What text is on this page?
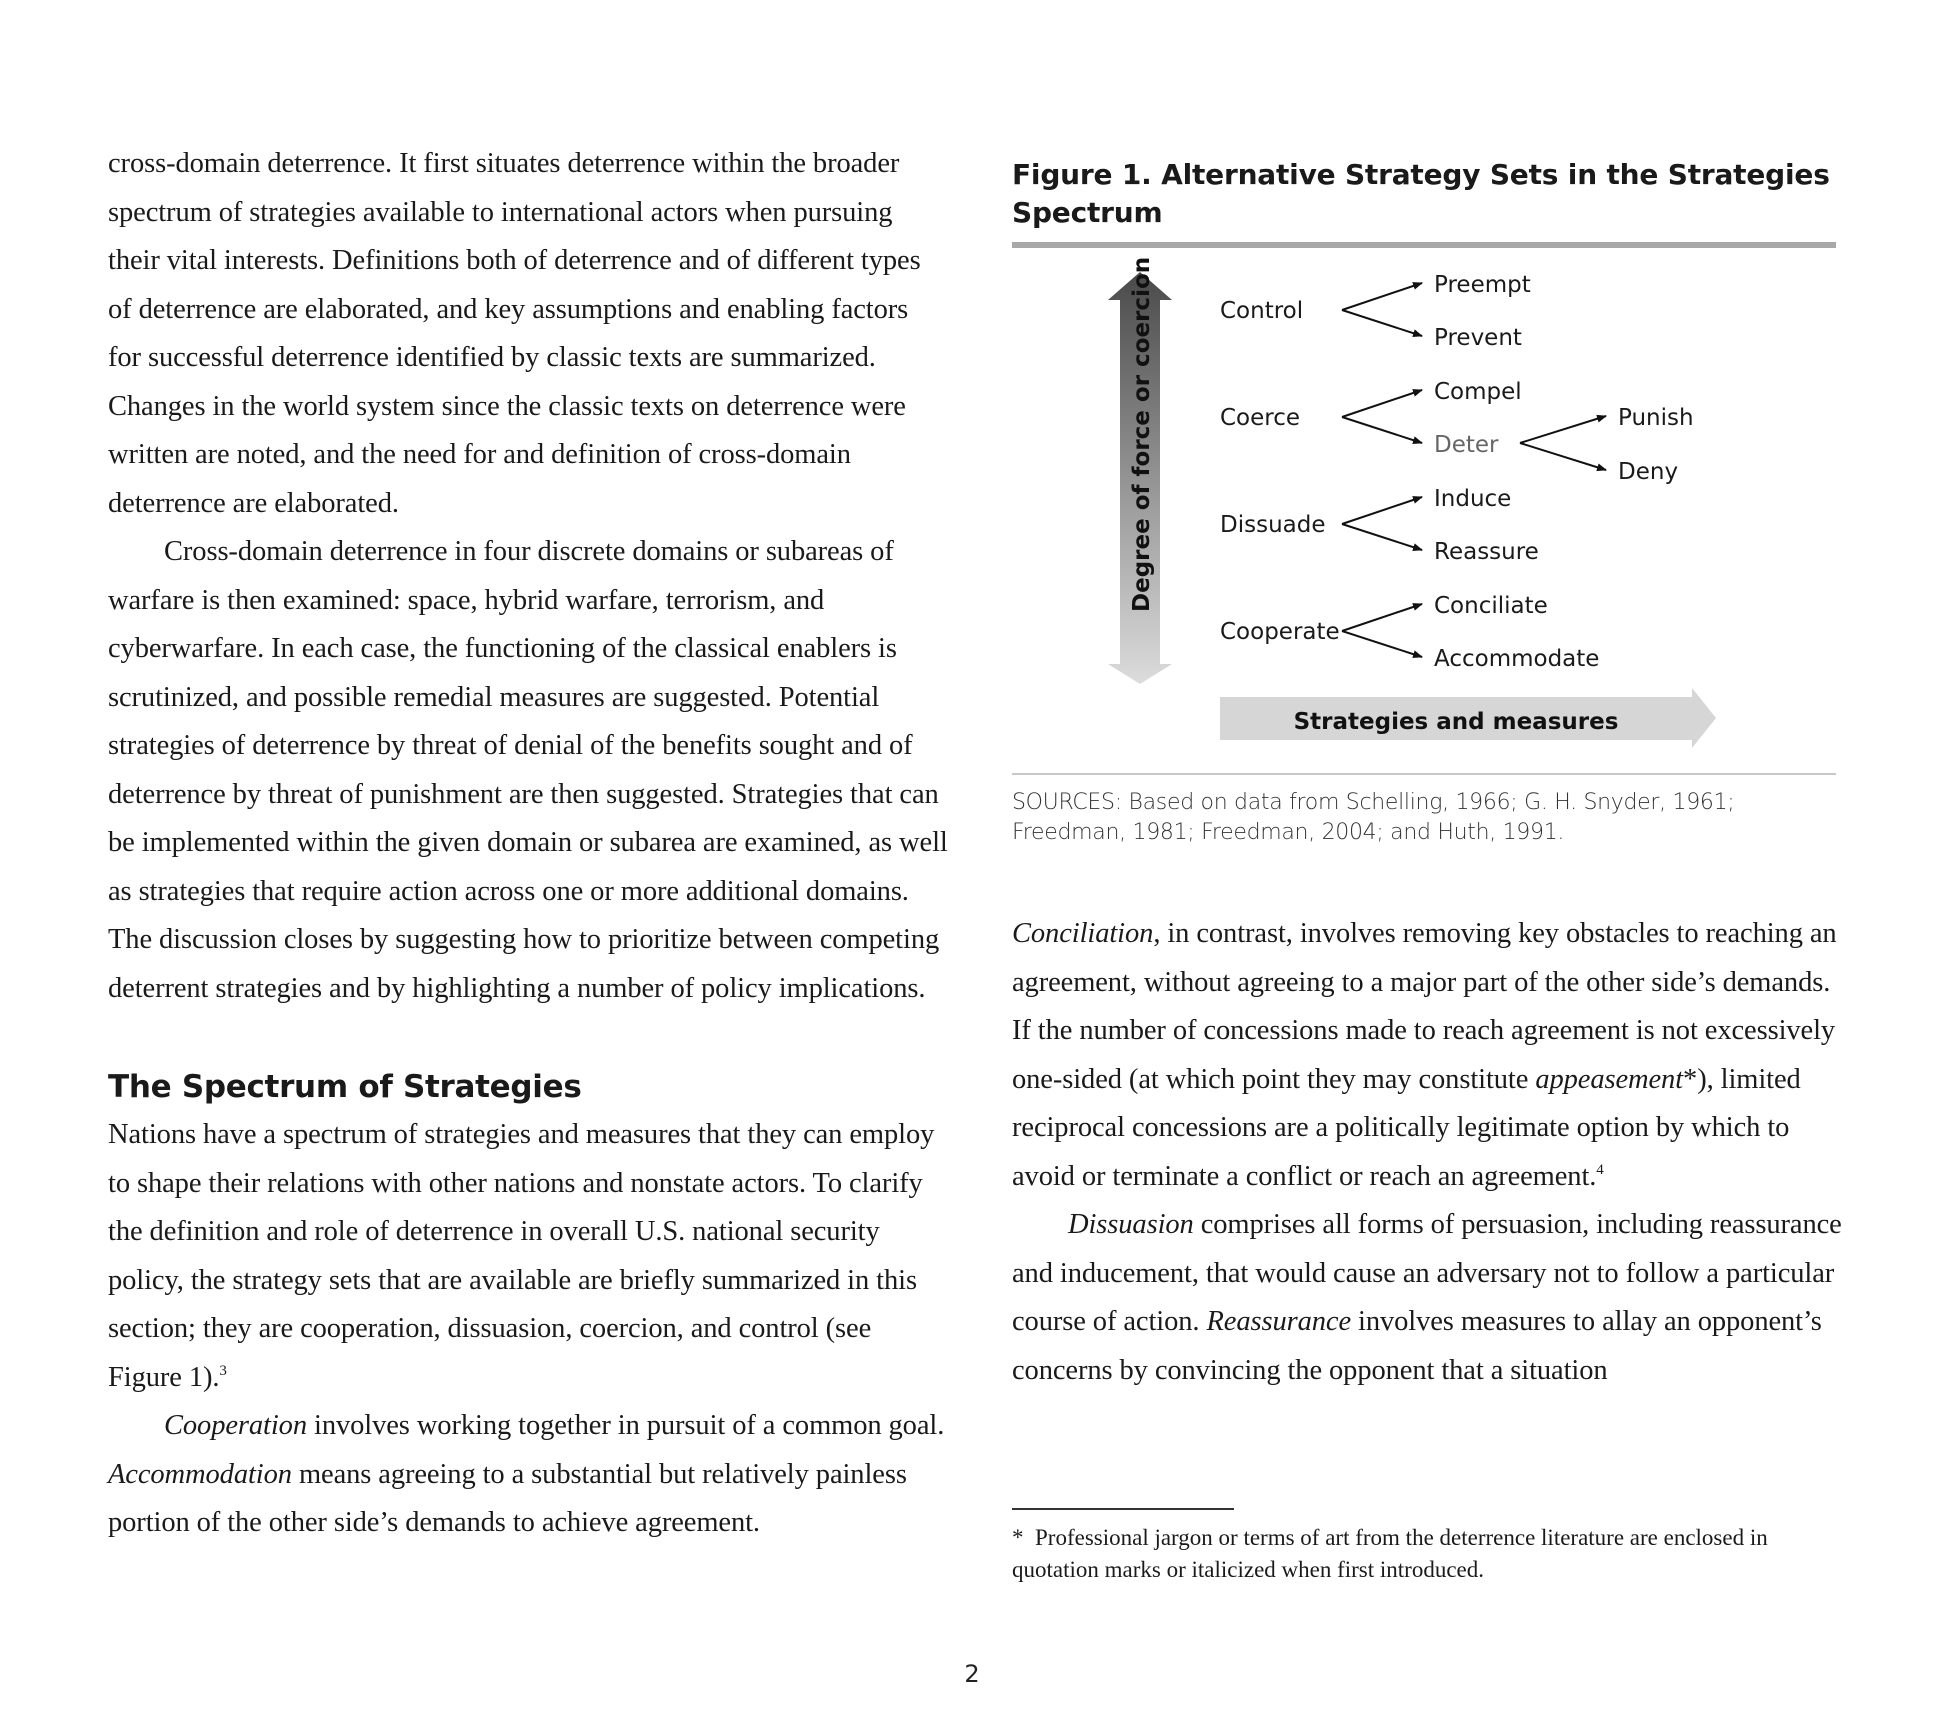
cross-domain deterrence. It first situates deterrence within the broader spectrum of strategies available to international actors when pursuing their vital interests. Definitions both of deterrence and of different types of deterrence are elaborated, and key assumptions and enabling factors for successful deterrence identified by classic texts are summarized. Changes in the world system since the classic texts on deterrence were written are noted, and the need for and definition of cross-domain deterrence are elaborated.

Cross-domain deterrence in four discrete domains or subareas of warfare is then examined: space, hybrid warfare, terrorism, and cyberwarfare. In each case, the functioning of the classical enablers is scrutinized, and possible remedial measures are suggested. Potential strategies of deterrence by threat of denial of the benefits sought and of deterrence by threat of punishment are then suggested. Strategies that can be implemented within the given domain or subarea are examined, as well as strategies that require action across one or more additional domains. The discussion closes by suggesting how to prioritize between competing deterrent strategies and by highlighting a number of policy implications.

The Spectrum of Strategies

Nations have a spectrum of strategies and measures that they can employ to shape their relations with other nations and nonstate actors. To clarify the definition and role of deterrence in overall U.S. national security policy, the strategy sets that are available are briefly summarized in this section; they are cooperation, dissuasion, coercion, and control (see Figure 1).$^3$

Cooperation involves working together in pursuit of a common goal. Accommodation means agreeing to a substantial but relatively painless portion of the other side’s demands to achieve agreement.

Figure 1. Alternative Strategy Sets in the Strategies Spectrum
Degree of force or coercion
Strategies and measures
Control
Coerce
Dissuade
Cooperate
Preempt
Prevent
Compel
Deter
Induce
Reassure
Conciliate
Accommodate
Punish
Deny
SOURCES: Based on data from Schelling, 1966; G. H. Snyder, 1961; Freedman, 1981; Freedman, 2004; and Huth, 1991.

Conciliation, in contrast, involves removing key obstacles to reaching an agreement, without agreeing to a major part of the other side’s demands. If the number of concessions made to reach agreement is not excessively one-sided (at which point they may constitute appeasement*), limited reciprocal concessions are a politically legitimate option by which to avoid or terminate a conflict or reach an agreement.$^4$

Dissuasion comprises all forms of persuasion, including reassurance and inducement, that would cause an adversary not to follow a particular course of action. Reassurance involves measures to allay an opponent’s concerns by convincing the opponent that a situation

* Professional jargon or terms of art from the deterrence literature are enclosed in quotation marks or italicized when first introduced.
2
